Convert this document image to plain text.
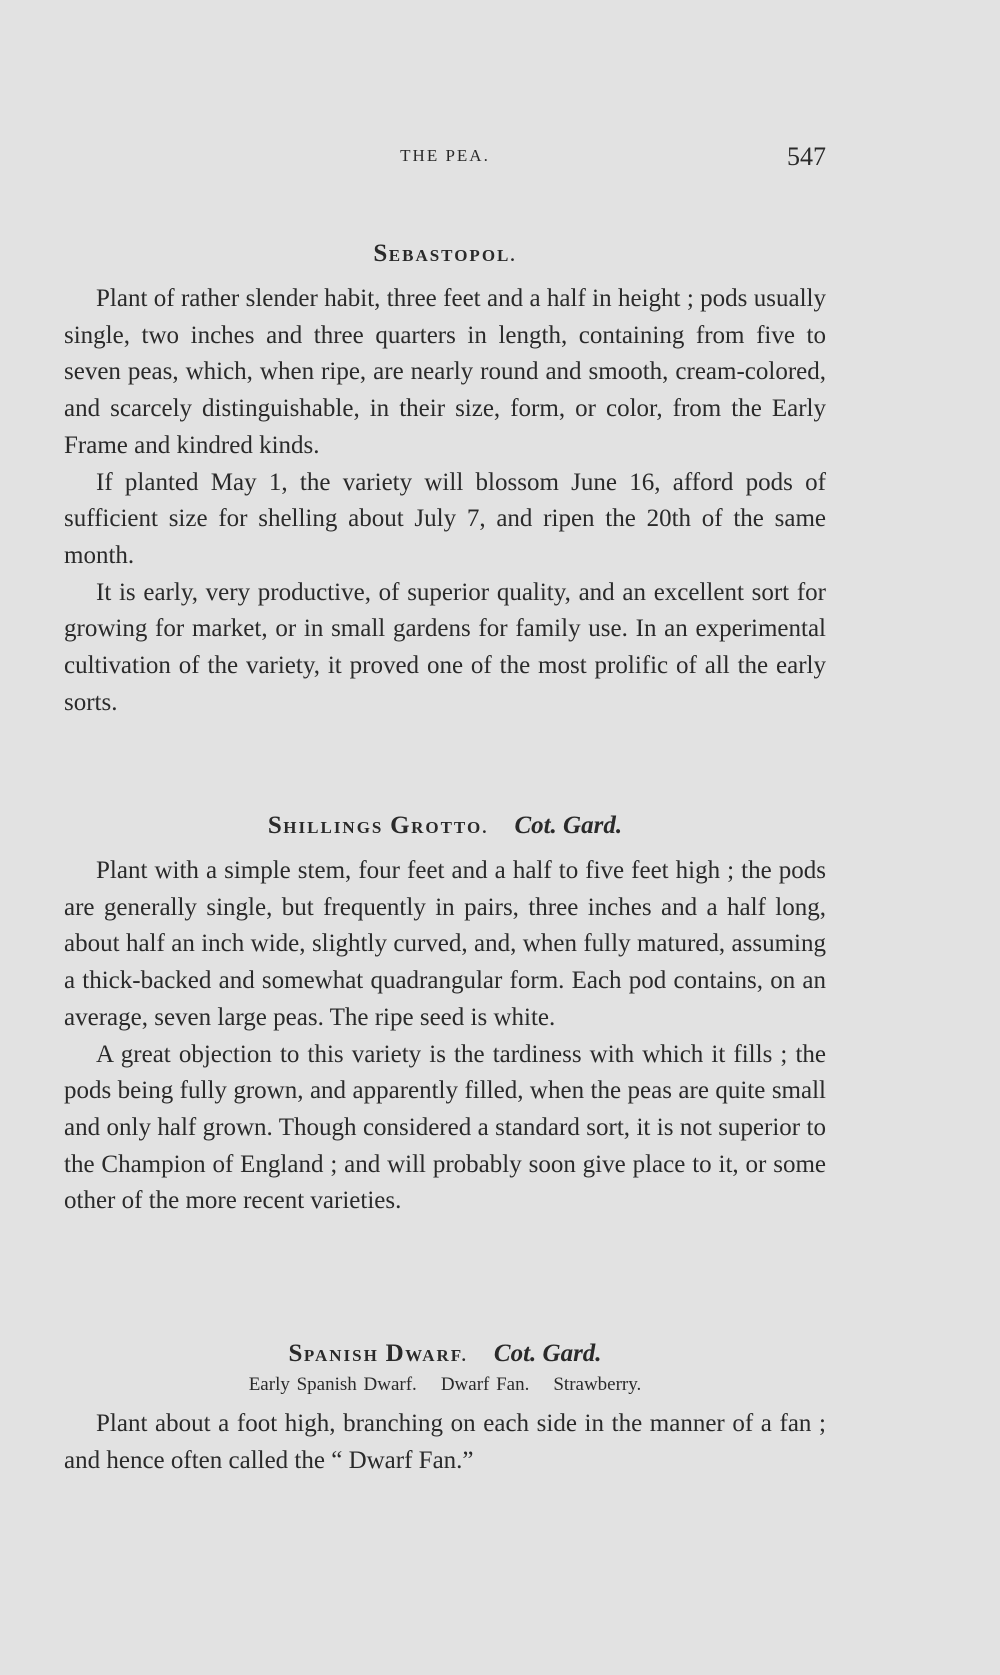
THE PEA.	547
SEBASTOPOL.

Plant of rather slender habit, three feet and a half in height ; pods usually single, two inches and three quarters in length, containing from five to seven peas, which, when ripe, are nearly round and smooth, cream-colored, and scarcely distinguishable, in their size, form, or color, from the Early Frame and kindred kinds.

If planted May 1, the variety will blossom June 16, afford pods of sufficient size for shelling about July 7, and ripen the 20th of the same month.

It is early, very productive, of superior quality, and an excellent sort for growing for market, or in small gardens for family use. In an experimental cultivation of the variety, it proved one of the most prolific of all the early sorts.

SHILLINGS GROTTO. Cot. Gard.

Plant with a simple stem, four feet and a half to five feet high ; the pods are generally single, but frequently in pairs, three inches and a half long, about half an inch wide, slightly curved, and, when fully matured, assuming a thick-backed and somewhat quadrangular form. Each pod contains, on an average, seven large peas. The ripe seed is white.

A great objection to this variety is the tardiness with which it fills ; the pods being fully grown, and apparently filled, when the peas are quite small and only half grown. Though considered a standard sort, it is not superior to the Champion of England ; and will probably soon give place to it, or some other of the more recent varieties.

SPANISH DWARF. Cot. Gard.

Early Spanish Dwarf. Dwarf Fan. Strawberry.

Plant about a foot high, branching on each side in the manner of a fan ; and hence often called the “ Dwarf Fan.”
